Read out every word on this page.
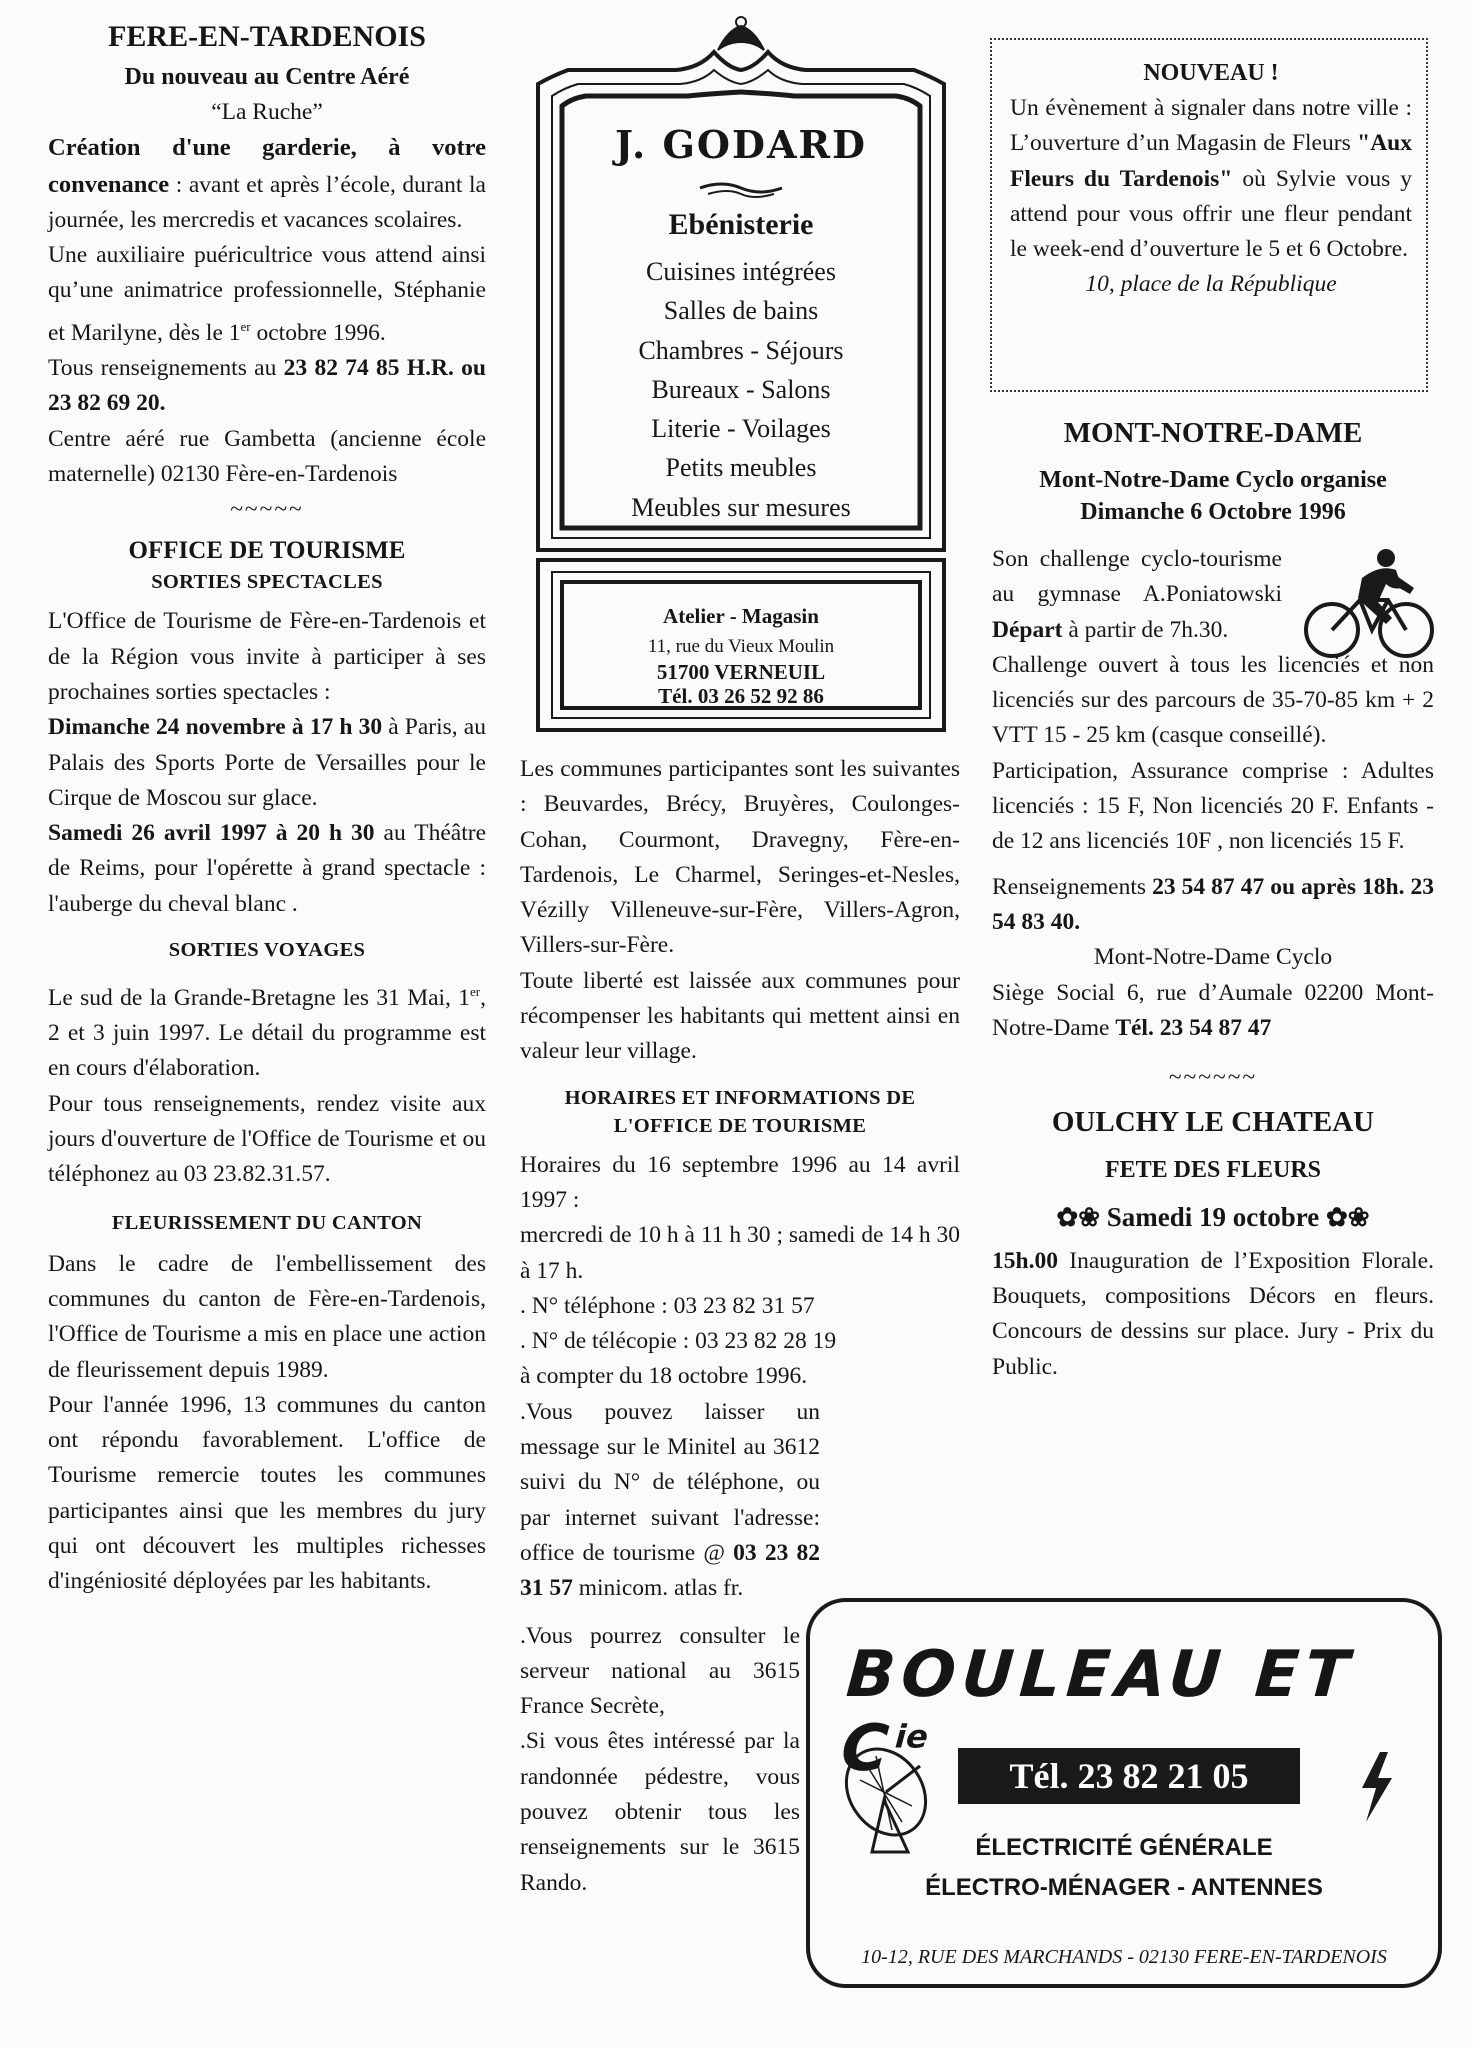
FERE-EN-TARDENOIS

Du nouveau au Centre Aéré

“La Ruche”

Création d'une garderie, à votre convenance : avant et après l’école, durant la journée, les mercredis et vacances scolaires.

Une auxiliaire puéricultrice vous attend ainsi qu’une animatrice professionnelle, Stéphanie et Marilyne, dès le 1er octobre 1996.

Tous renseignements au 23 82 74 85 H.R. ou 23 82 69 20.

Centre aéré rue Gambetta (ancienne école maternelle) 02130 Fère-en-Tardenois

~~~~~

OFFICE DE TOURISME

SORTIES SPECTACLES

L'Office de Tourisme de Fère-en-Tardenois et de la Région vous invite à participer à ses prochaines sorties spectacles :

Dimanche 24 novembre à 17 h 30 à Paris, au Palais des Sports Porte de Versailles pour le Cirque de Moscou sur glace.

Samedi 26 avril 1997 à 20 h 30 au Théâtre de Reims, pour l'opérette à grand spectacle : l'auberge du cheval blanc .

SORTIES VOYAGES

Le sud de la Grande-Bretagne les 31 Mai, 1er, 2 et 3 juin 1997. Le détail du programme est en cours d'élaboration.

Pour tous renseignements, rendez visite aux jours d'ouverture de l'Office de Tourisme et ou téléphonez au 03 23.82.31.57.

FLEURISSEMENT DU CANTON

Dans le cadre de l'embellissement des communes du canton de Fère-en-Tardenois, l'Office de Tourisme a mis en place une action de fleurissement depuis 1989.

Pour l'année 1996, 13 communes du canton ont répondu favorablement. L'office de Tourisme remercie toutes les communes participantes ainsi que les membres du jury qui ont découvert les multiples richesses d'ingéniosité déployées par les habitants.

J. GODARD
Ebénisterie
Cuisines intégrées
Salles de bains
Chambres - Séjours
Bureaux - Salons
Literie - Voilages
Petits meubles
Meubles sur mesures
Atelier - Magasin
11, rue du Vieux Moulin
51700 VERNEUIL
Tél. 03 26 52 92 86

Les communes participantes sont les suivantes : Beuvardes, Brécy, Bruyères, Coulonges-Cohan, Courmont, Dravegny, Fère-en-Tardenois, Le Charmel, Seringes-et-Nesles, Vézilly Villeneuve-sur-Fère, Villers-Agron, Villers-sur-Fère.

Toute liberté est laissée aux communes pour récompenser les habitants qui mettent ainsi en valeur leur village.

HORAIRES ET INFORMATIONS DE L'OFFICE DE TOURISME

Horaires du 16 septembre 1996 au 14 avril 1997 :

mercredi de 10 h à 11 h 30 ; samedi de 14 h 30 à 17 h.

. N° téléphone : 03 23 82 31 57

. N° de télécopie : 03 23 82 28 19

à compter du 18 octobre 1996.

.Vous pouvez laisser un message sur le Minitel au 3612 suivi du N° de téléphone, ou par internet suivant l'adresse: office de tourisme @ 03 23 82 31 57 minicom. atlas fr.

.Vous pourrez consulter le serveur national au 3615 France Secrète,

.Si vous êtes intéressé par la randonnée pédestre, vous pouvez obtenir tous les renseignements sur le 3615 Rando.

NOUVEAU !

Un évènement à signaler dans notre ville : L’ouverture d’un Magasin de Fleurs "Aux Fleurs du Tardenois" où Sylvie vous y attend pour vous offrir une fleur pendant le week-end d’ouverture le 5 et 6 Octobre.

10, place de la République

MONT-NOTRE-DAME

Mont-Notre-Dame Cyclo organise Dimanche 6 Octobre 1996

Son challenge cyclo-tourisme au gymnase A.Poniatowski Départ à partir de 7h.30.

Challenge ouvert à tous les licenciés et non licenciés sur des parcours de 35-70-85 km + 2 VTT 15 - 25 km (casque conseillé).

Participation, Assurance comprise : Adultes licenciés : 15 F, Non licenciés 20 F. Enfants - de 12 ans licenciés 10F , non licenciés 15 F.

Renseignements 23 54 87 47 ou après 18h. 23 54 83 40.

Mont-Notre-Dame Cyclo

Siège Social 6, rue d’Aumale 02200 Mont-Notre-Dame Tél. 23 54 87 47

~~~~~~

OULCHY LE CHATEAU

FETE DES FLEURS

✿❀ Samedi 19 octobre ✿❀

15h.00 Inauguration de l’Exposition Florale. Bouquets, compositions Décors en fleurs. Concours de dessins sur place. Jury - Prix du Public.

BOULEAU ET $C^{ie}$
Tél. 23 82 21 05
ÉLECTRICITÉ GÉNÉRALE
ÉLECTRO-MÉNAGER - ANTENNES
10-12, RUE DES MARCHANDS - 02130 FERE-EN-TARDENOIS
